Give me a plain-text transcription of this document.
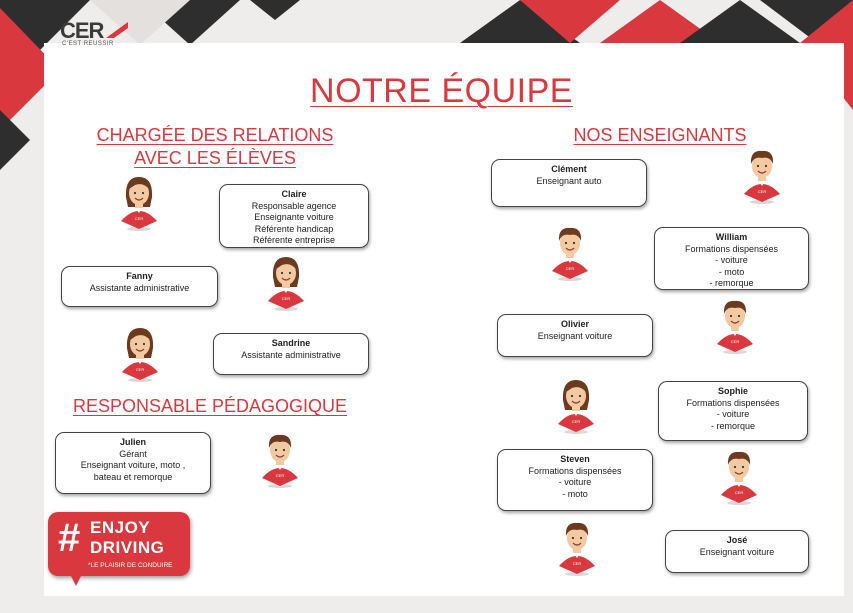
CER
C'EST REUSSIR
NOTRE ÉQUIPE
CHARGÉE DES RELATIONS
AVEC LES ÉLÈVES
NOS ENSEIGNANTS
RESPONSABLE PÉDAGOGIQUE
Claire
Responsable agence
Enseignante voiture
Référente handicap
Référente entreprise
Fanny
Assistante administrative
Sandrine
Assistante administrative
Julien
Gérant
Enseignant voiture, moto ,
bateau et remorque
Clément
Enseignant auto
William
Formations dispensées
- voiture
- moto
- remorque
Olivier
Enseignant voiture
Sophie
Formations dispensées
- voiture
- remorque
Steven
Formations dispensées
- voiture
- moto
José
Enseignant voiture
CER
CER
CER
CER
CER
CER
CER
CER
CER
CER
# ENJOY
DRIVING
*LE PLAISIR DE CONDUIRE
